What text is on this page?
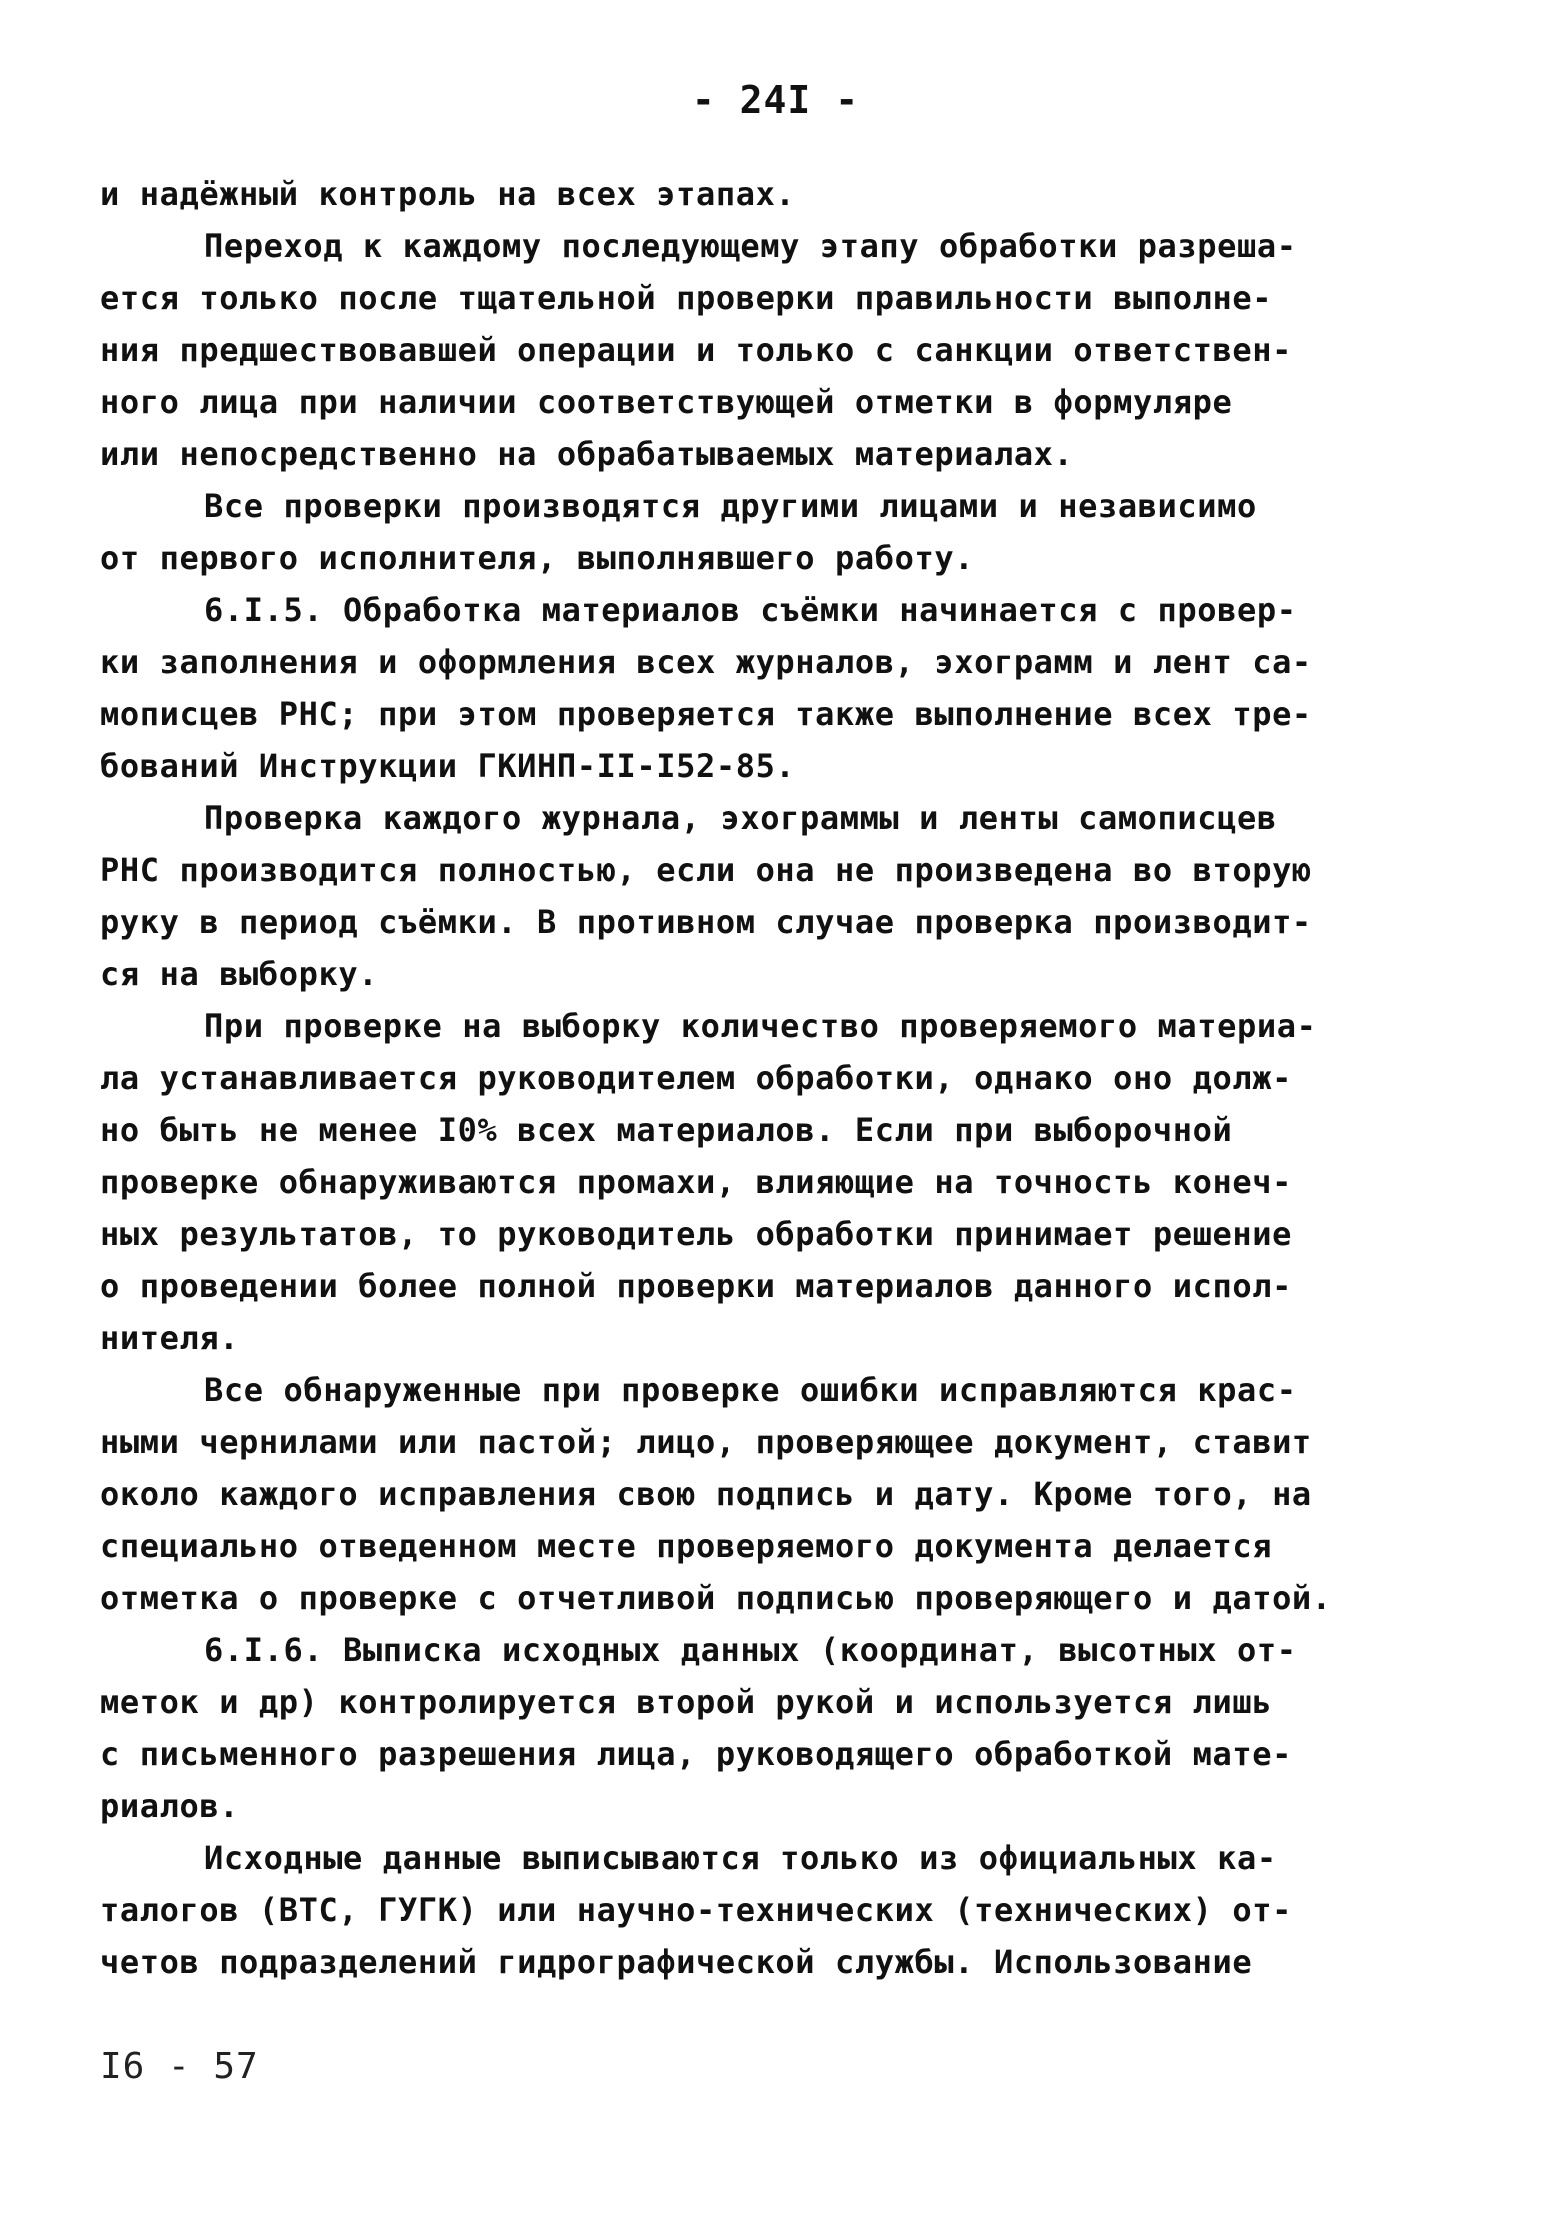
- 24I -
и надёжный контроль на всех этапах.
Переход к каждому последующему этапу обработки разреша-
ется только после тщательной проверки правильности выполне-
ния предшествовавшей операции и только с санкции ответствен-
ного лица при наличии соответствующей отметки в формуляре
или непосредственно на обрабатываемых материалах.
Все проверки производятся другими лицами и независимо
от первого исполнителя, выполнявшего работу.
6.I.5. Обработка материалов съёмки начинается с провер-
ки заполнения и оформления всех журналов, эхограмм и лент са-
мописцев РНС; при этом проверяется также выполнение всех тре-
бований Инструкции ГКИНП-II-I52-85.
Проверка каждого журнала, эхограммы и ленты самописцев
РНС производится полностью, если она не произведена во вторую
руку в период съёмки. В противном случае проверка производит-
ся на выборку.
При проверке на выборку количество проверяемого материа-
ла устанавливается руководителем обработки, однако оно долж-
но быть не менее I0% всех материалов. Если при выборочной
проверке обнаруживаются промахи, влияющие на точность конеч-
ных результатов, то руководитель обработки принимает решение
о проведении более полной проверки материалов данного испол-
нителя.
Все обнаруженные при проверке ошибки исправляются крас-
ными чернилами или пастой; лицо, проверяющее документ, ставит
около каждого исправления свою подпись и дату. Кроме того, на
специально отведенном месте проверяемого документа делается
отметка о проверке с отчетливой подписью проверяющего и датой.
6.I.6. Выписка исходных данных (координат, высотных от-
меток и др) контролируется второй рукой и используется лишь
с письменного разрешения лица, руководящего обработкой мате-
риалов.
Исходные данные выписываются только из официальных ка-
талогов (ВТС, ГУГК) или научно-технических (технических) от-
четов подразделений гидрографической службы. Использование
I6 - 57
